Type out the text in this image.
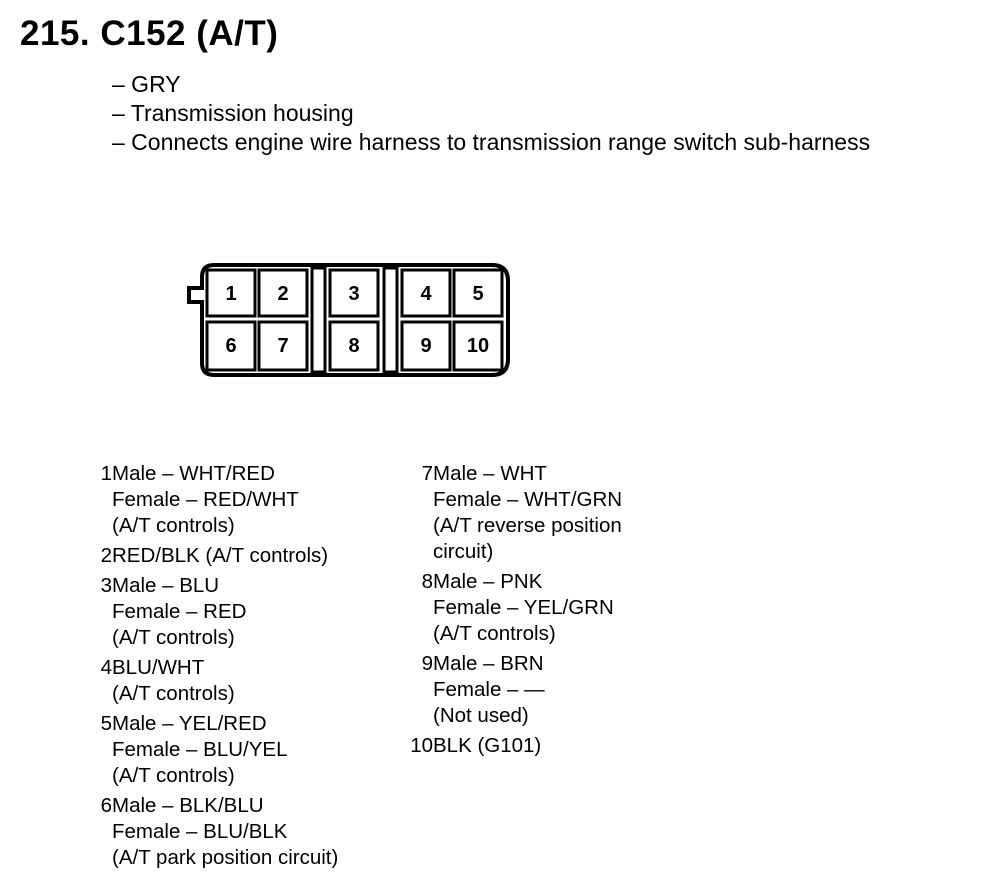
215. C152 (A/T)
– GRY
– Transmission housing
– Connects engine wire harness to transmission range switch sub-harness
1 2	3	4 5
6 7	8	9 10
1 Male – WHT/RED
Female – RED/WHT
(A/T controls)
2 RED/BLK (A/T controls)
3 Male – BLU
Female – RED
(A/T controls)
4 BLU/WHT
(A/T controls)
5 Male – YEL/RED
Female – BLU/YEL
(A/T controls)
6 Male – BLK/BLU
Female – BLU/BLK
(A/T park position circuit)
7 Male – WHT
Female – WHT/GRN
(A/T reverse position
circuit)
8 Male – PNK
Female – YEL/GRN
(A/T controls)
9 Male – BRN
Female – —
(Not used)
10 BLK (G101)
